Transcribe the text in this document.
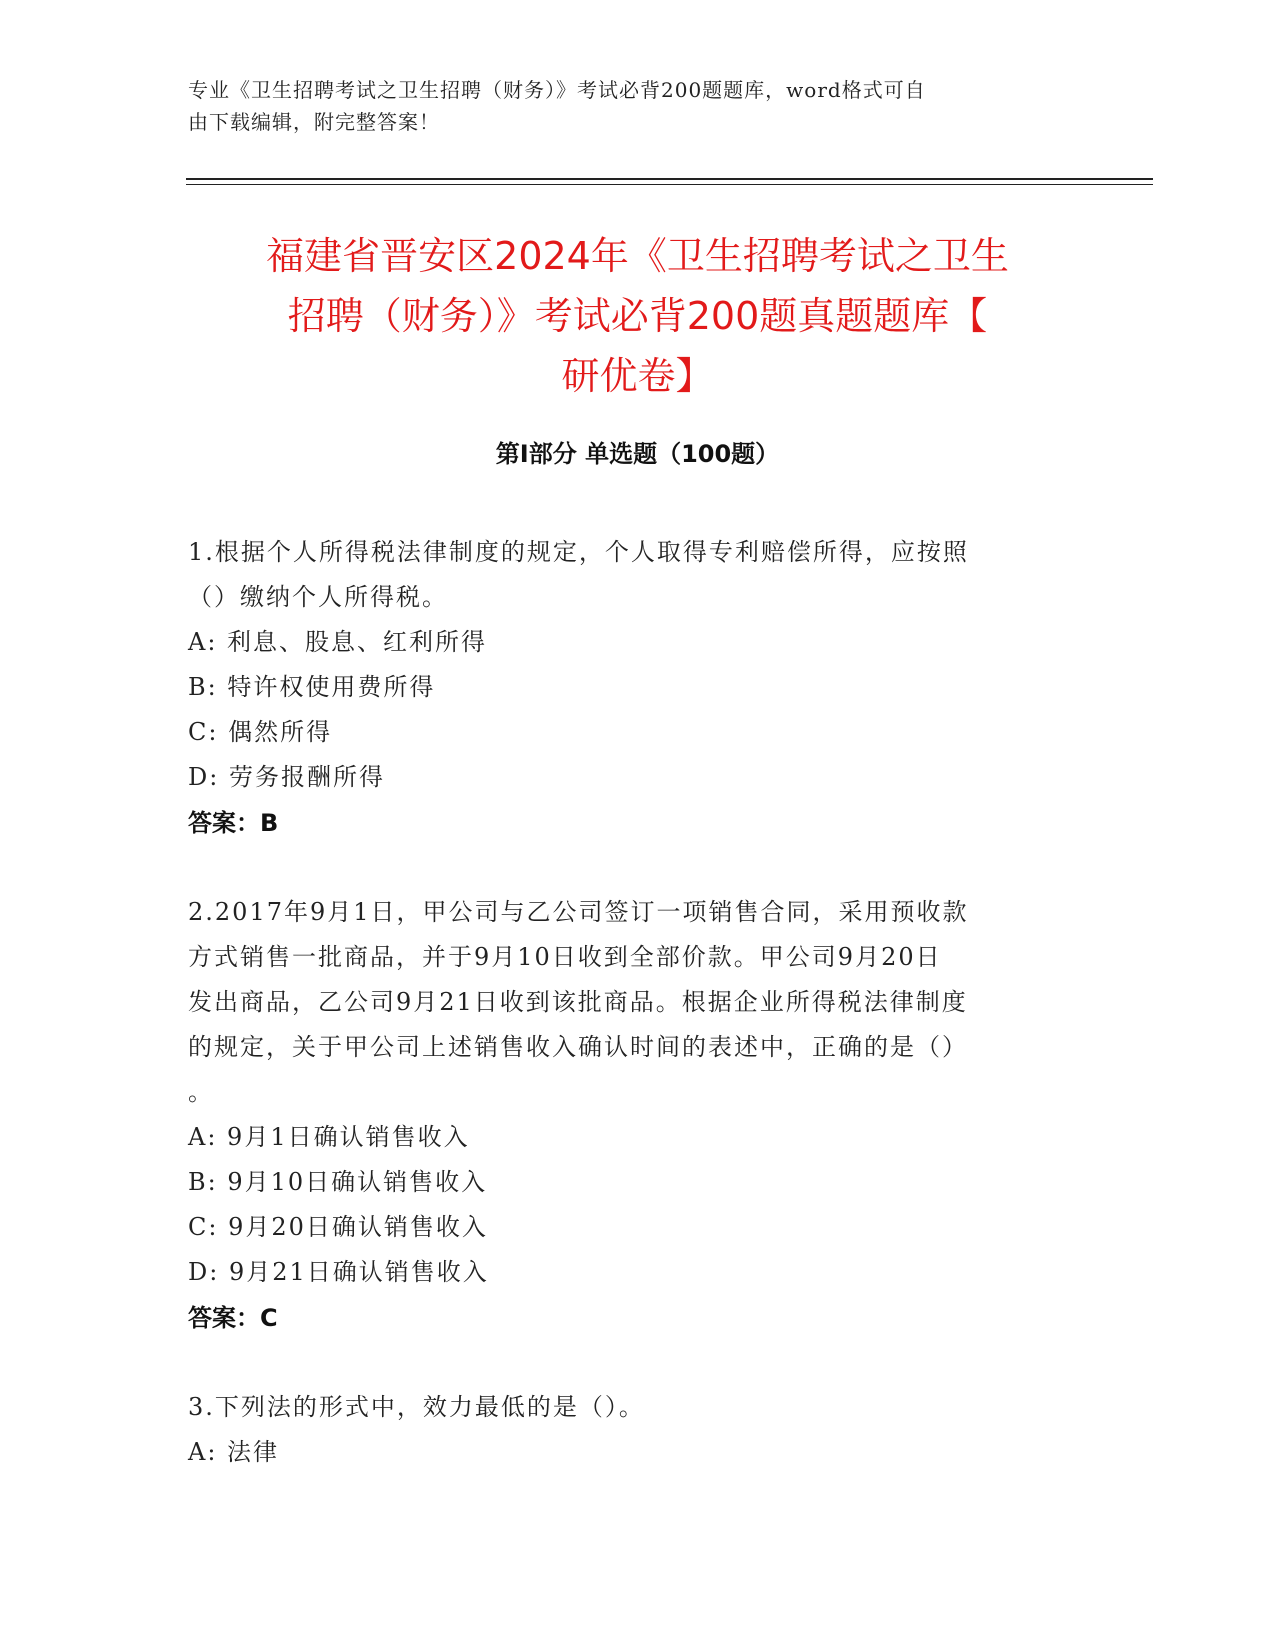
专业《卫生招聘考试之卫生招聘（财务）》考试必背200题题库，word格式可自
由下载编辑，附完整答案！
福建省晋安区2024年《卫生招聘考试之卫生
招聘（财务）》考试必背200题真题题库【
研优卷】
第Ⅰ部分 单选题（100题）

1.根据个人所得税法律制度的规定，个人取得专利赔偿所得，应按照

（）缴纳个人所得税。

A: 利息、股息、红利所得

B: 特许权使用费所得

C: 偶然所得

D: 劳务报酬所得

答案：B

2.2017年9月1日，甲公司与乙公司签订一项销售合同，采用预收款

方式销售一批商品，并于9月10日收到全部价款。甲公司9月20日

发出商品，乙公司9月21日收到该批商品。根据企业所得税法律制度

的规定，关于甲公司上述销售收入确认时间的表述中，正确的是（）

。

A: 9月1日确认销售收入

B: 9月10日确认销售收入

C: 9月20日确认销售收入

D: 9月21日确认销售收入

答案：C

3.下列法的形式中，效力最低的是（）。

A: 法律
